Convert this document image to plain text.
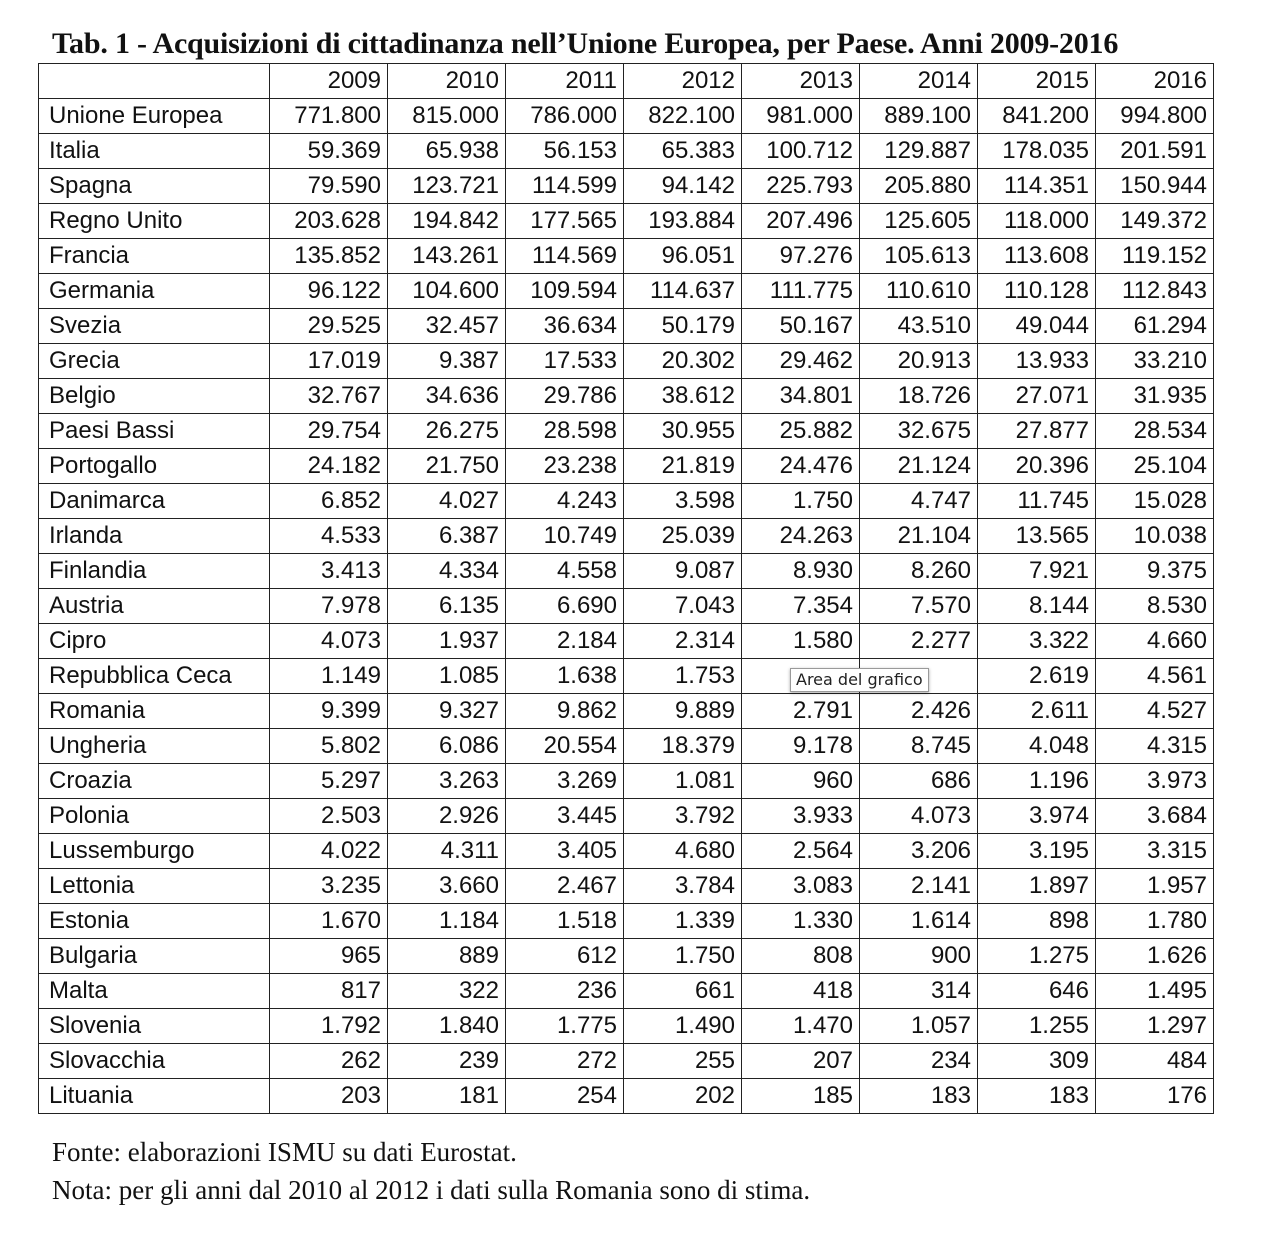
Tab. 1 - Acquisizioni di cittadinanza nell’Unione Europea, per Paese. Anni 2009-2016
	2009	2010	2011	2012	2013	2014	2015	2016
Unione Europea	771.800	815.000	786.000	822.100	981.000	889.100	841.200	994.800
Italia	59.369	65.938	56.153	65.383	100.712	129.887	178.035	201.591
Spagna	79.590	123.721	114.599	94.142	225.793	205.880	114.351	150.944
Regno Unito	203.628	194.842	177.565	193.884	207.496	125.605	118.000	149.372
Francia	135.852	143.261	114.569	96.051	97.276	105.613	113.608	119.152
Germania	96.122	104.600	109.594	114.637	111.775	110.610	110.128	112.843
Svezia	29.525	32.457	36.634	50.179	50.167	43.510	49.044	61.294
Grecia	17.019	9.387	17.533	20.302	29.462	20.913	13.933	33.210
Belgio	32.767	34.636	29.786	38.612	34.801	18.726	27.071	31.935
Paesi Bassi	29.754	26.275	28.598	30.955	25.882	32.675	27.877	28.534
Portogallo	24.182	21.750	23.238	21.819	24.476	21.124	20.396	25.104
Danimarca	6.852	4.027	4.243	3.598	1.750	4.747	11.745	15.028
Irlanda	4.533	6.387	10.749	25.039	24.263	21.104	13.565	10.038
Finlandia	3.413	4.334	4.558	9.087	8.930	8.260	7.921	9.375
Austria	7.978	6.135	6.690	7.043	7.354	7.570	8.144	8.530
Cipro	4.073	1.937	2.184	2.314	1.580	2.277	3.322	4.660
Repubblica Ceca	1.149	1.085	1.638	1.753			2.619	4.561
Romania	9.399	9.327	9.862	9.889	2.791	2.426	2.611	4.527
Ungheria	5.802	6.086	20.554	18.379	9.178	8.745	4.048	4.315
Croazia	5.297	3.263	3.269	1.081	960	686	1.196	3.973
Polonia	2.503	2.926	3.445	3.792	3.933	4.073	3.974	3.684
Lussemburgo	4.022	4.311	3.405	4.680	2.564	3.206	3.195	3.315
Lettonia	3.235	3.660	2.467	3.784	3.083	2.141	1.897	1.957
Estonia	1.670	1.184	1.518	1.339	1.330	1.614	898	1.780
Bulgaria	965	889	612	1.750	808	900	1.275	1.626
Malta	817	322	236	661	418	314	646	1.495
Slovenia	1.792	1.840	1.775	1.490	1.470	1.057	1.255	1.297
Slovacchia	262	239	272	255	207	234	309	484
Lituania	203	181	254	202	185	183	183	176
Fonte: elaborazioni ISMU su dati Eurostat.
Nota: per gli anni dal 2010 al 2012 i dati sulla Romania sono di stima.
Area del grafico
